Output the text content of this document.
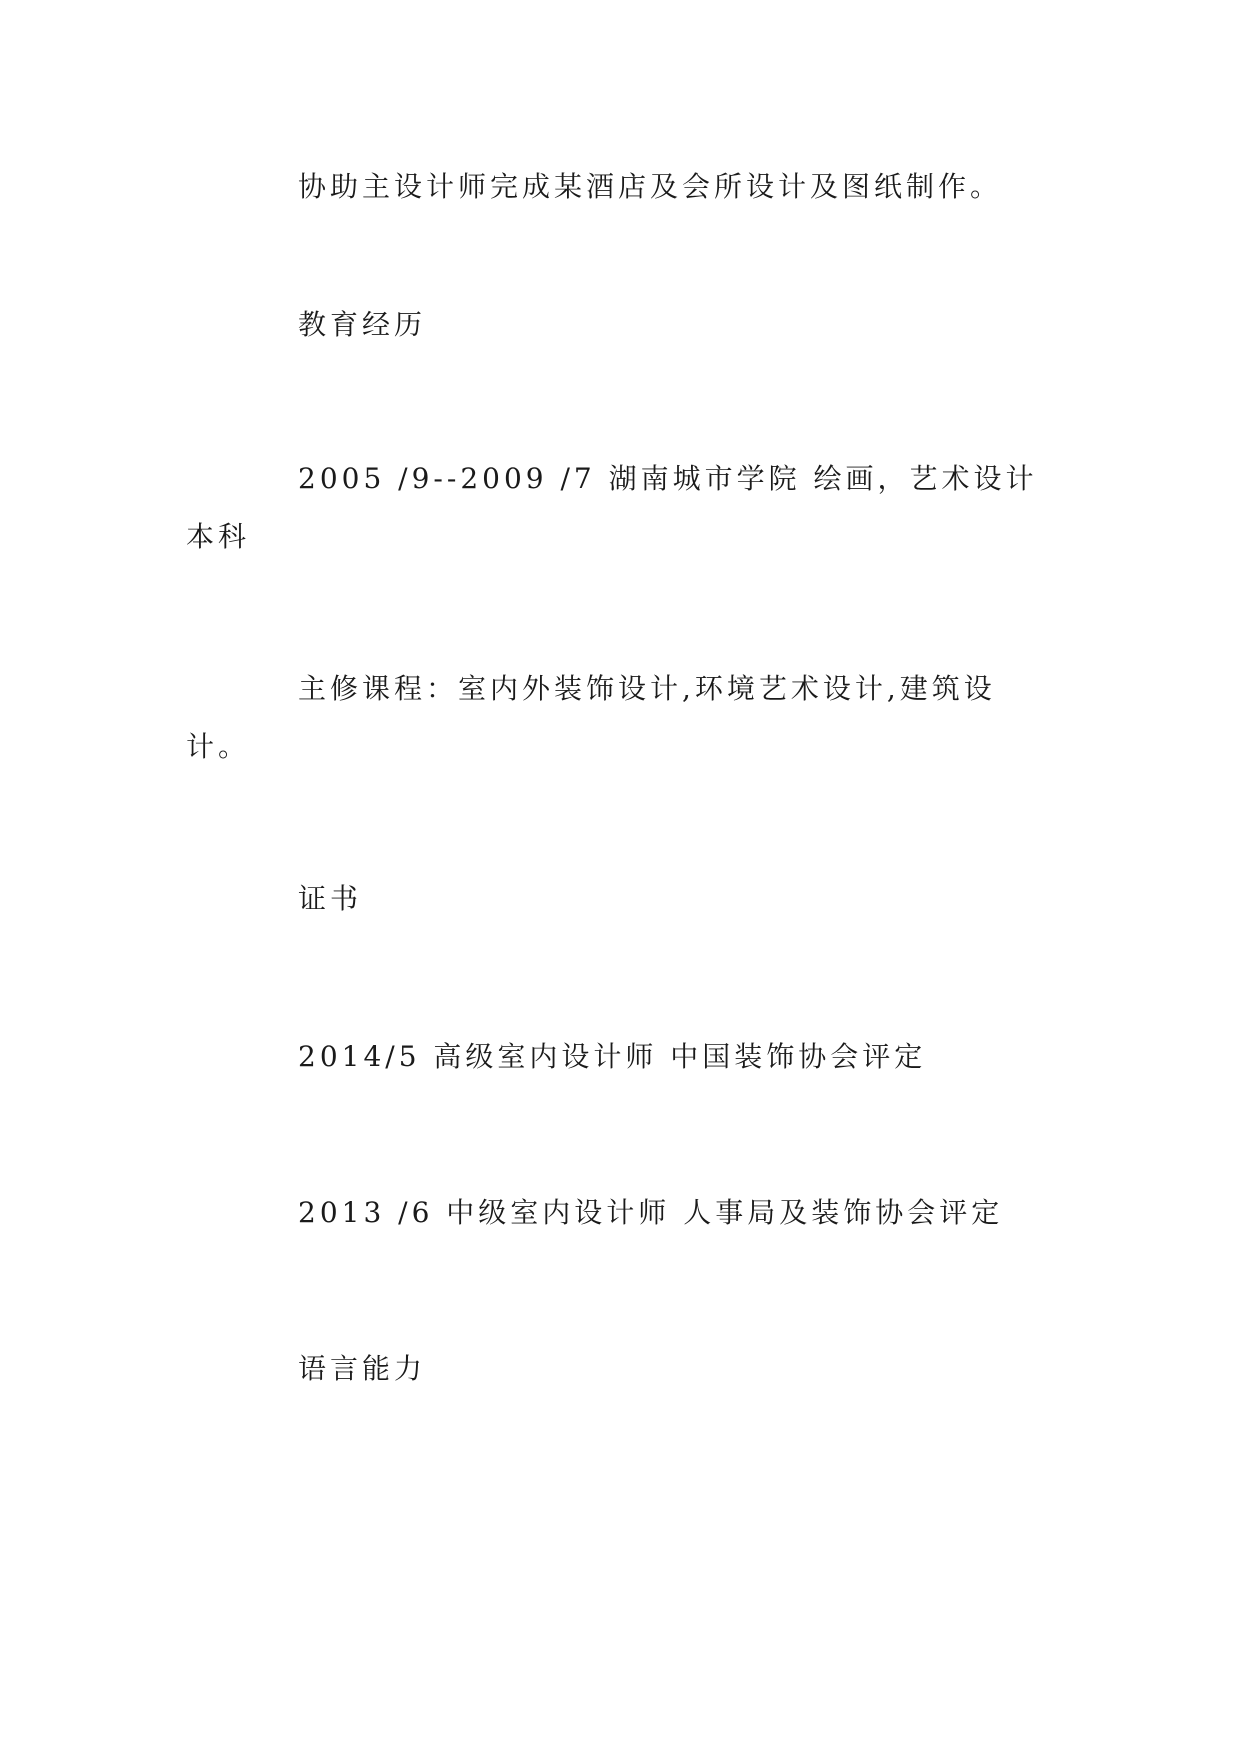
协助主设计师完成某酒店及会所设计及图纸制作。

教育经历

2005 /9--2009 /7 湖南城市学院 绘画，艺术设计本科

主修课程：室内外装饰设计,环境艺术设计,建筑设计。

证书

2014/5 高级室内设计师 中国装饰协会评定

2013 /6 中级室内设计师 人事局及装饰协会评定

语言能力
